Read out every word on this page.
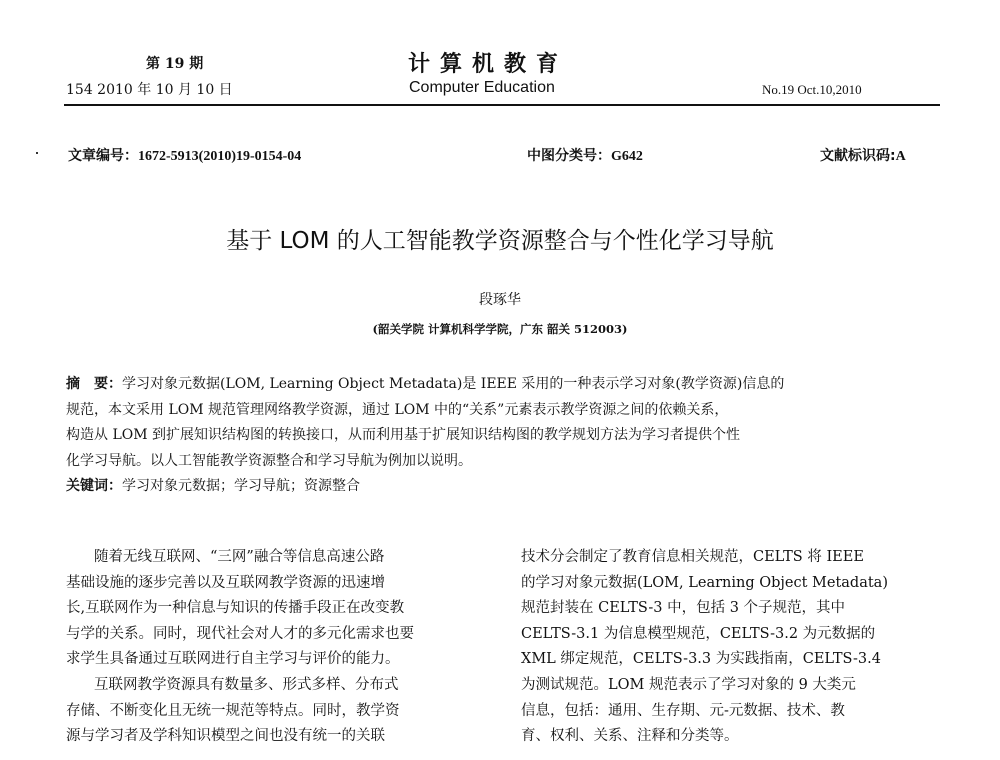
第 19 期
154 2010 年 10 月 10 日
计算机教育
Computer Education	No.19 Oct.10,2010
文章编号：1672-5913(2010)19-0154-04	中图分类号：G642	文献标识码:A
基于 LOM 的人工智能教学资源整合与个性化学习导航
段琢华
(韶关学院 计算机科学学院，广东 韶关 512003)
摘　要：学习对象元数据(LOM, Learning Object Metadata)是 IEEE 采用的一种表示学习对象(教学资源)信息的
规范，本文采用 LOM 规范管理网络教学资源，通过 LOM 中的“关系”元素表示教学资源之间的依赖关系，
构造从 LOM 到扩展知识结构图的转换接口，从而利用基于扩展知识结构图的教学规划方法为学习者提供个性
化学习导航。以人工智能教学资源整合和学习导航为例加以说明。
关键词：学习对象元数据；学习导航；资源整合
随着无线互联网、“三网”融合等信息高速公路
基础设施的逐步完善以及互联网教学资源的迅速增
长,互联网作为一种信息与知识的传播手段正在改变教
与学的关系。同时，现代社会对人才的多元化需求也要
求学生具备通过互联网进行自主学习与评价的能力。
互联网教学资源具有数量多、形式多样、分布式
存储、不断变化且无统一规范等特点。同时，教学资
源与学习者及学科知识模型之间也没有统一的关联
技术分会制定了教育信息相关规范，CELTS 将 IEEE
的学习对象元数据(LOM, Learning Object Metadata)
规范封装在 CELTS-3 中，包括 3 个子规范，其中
CELTS-3.1 为信息模型规范，CELTS-3.2 为元数据的
XML 绑定规范，CELTS-3.3 为实践指南，CELTS-3.4
为测试规范。LOM 规范表示了学习对象的 9 大类元
信息，包括：通用、生存期、元-元数据、技术、教
育、权利、关系、注释和分类等。
